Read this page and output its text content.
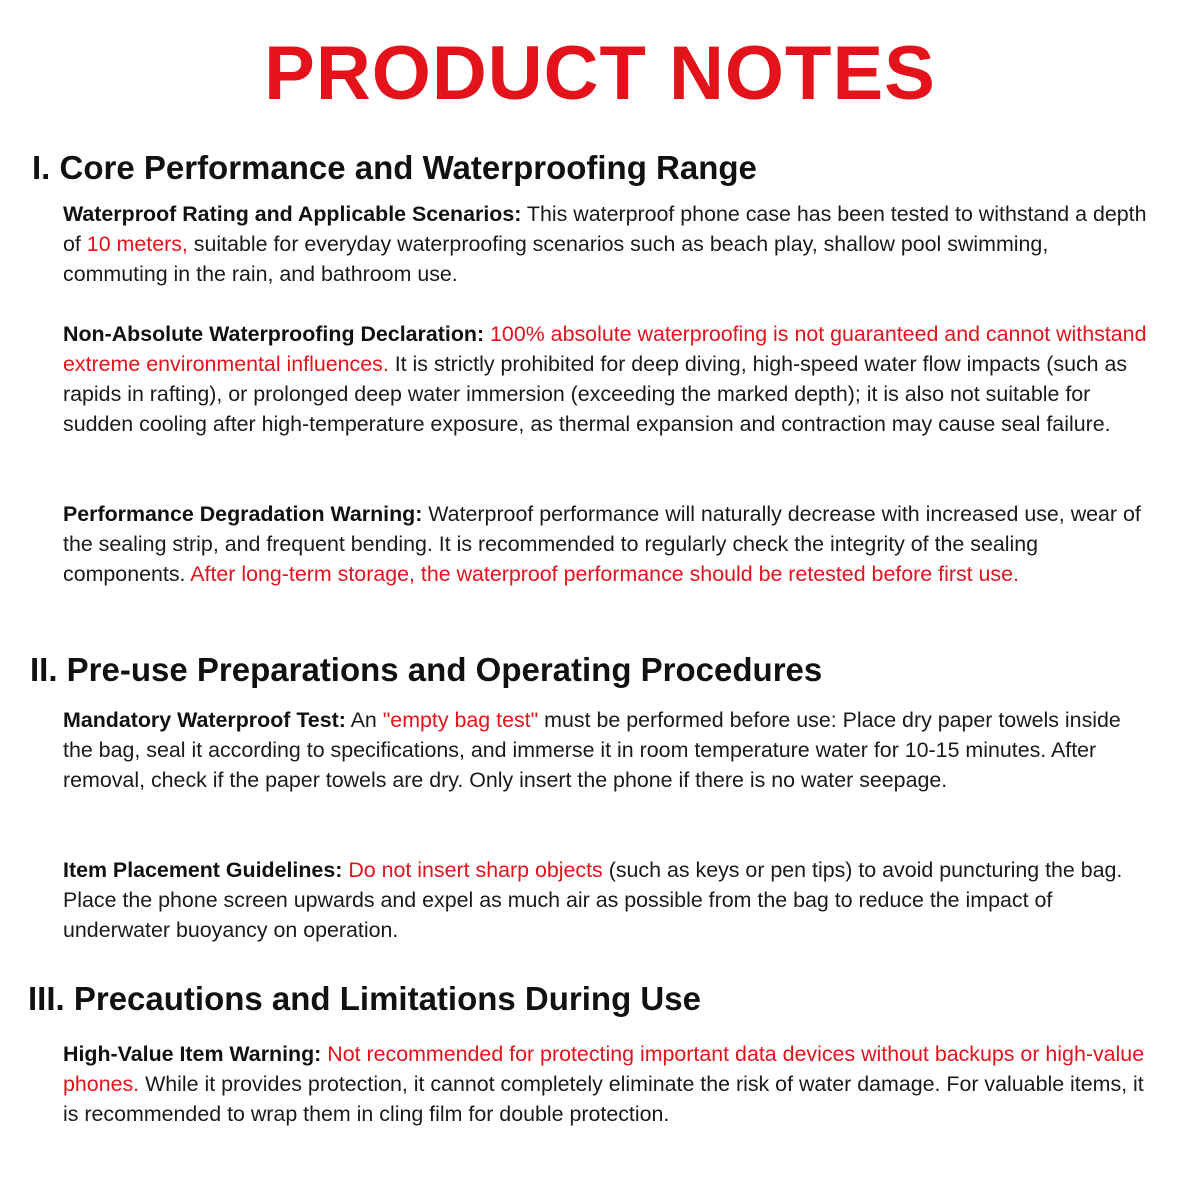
PRODUCT NOTES
I. Core Performance and Waterproofing Range

Waterproof Rating and Applicable Scenarios: This waterproof phone case has been tested to withstand a depth of 10 meters, suitable for everyday waterproofing scenarios such as beach play, shallow pool swimming, commuting in the rain, and bathroom use.

Non-Absolute Waterproofing Declaration: 100% absolute waterproofing is not guaranteed and cannot withstand extreme environmental influences. It is strictly prohibited for deep diving, high-speed water flow impacts (such as rapids in rafting), or prolonged deep water immersion (exceeding the marked depth); it is also not suitable for sudden cooling after high-temperature exposure, as thermal expansion and contraction may cause seal failure.

Performance Degradation Warning: Waterproof performance will naturally decrease with increased use, wear of the sealing strip, and frequent bending. It is recommended to regularly check the integrity of the sealing components. After long-term storage, the waterproof performance should be retested before first use.

II. Pre-use Preparations and Operating Procedures

Mandatory Waterproof Test: An "empty bag test" must be performed before use: Place dry paper towels inside the bag, seal it according to specifications, and immerse it in room temperature water for 10-15 minutes. After removal, check if the paper towels are dry. Only insert the phone if there is no water seepage.

Item Placement Guidelines: Do not insert sharp objects (such as keys or pen tips) to avoid puncturing the bag. Place the phone screen upwards and expel as much air as possible from the bag to reduce the impact of underwater buoyancy on operation.

III. Precautions and Limitations During Use

High-Value Item Warning: Not recommended for protecting important data devices without backups or high-value phones. While it provides protection, it cannot completely eliminate the risk of water damage. For valuable items, it is recommended to wrap them in cling film for double protection.
